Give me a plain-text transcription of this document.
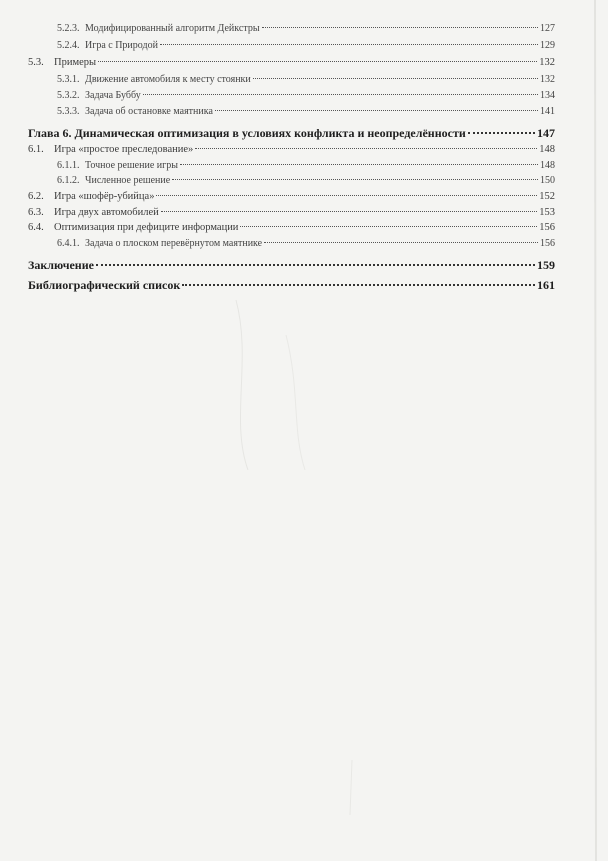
5.2.3. Модифицированный алгоритм Дейкстры	127
5.2.4. Игра с Природой	129
5.3. Примеры	132
5.3.1. Движение автомобиля к месту стоянки	132
5.3.2. Задача Буббу	134
5.3.3. Задача об остановке маятника	141
Глава 6. Динамическая оптимизация в условиях конфликта и неопределённости	147
6.1. Игра «простое преследование»	148
6.1.1. Точное решение игры	148
6.1.2. Численное решение	150
6.2. Игра «шофёр-убийца»	152
6.3. Игра двух автомобилей	153
6.4. Оптимизация при дефиците информации	156
6.4.1. Задача о плоском перевёрнутом маятнике	156
Заключение	159
Библиографический список	161
